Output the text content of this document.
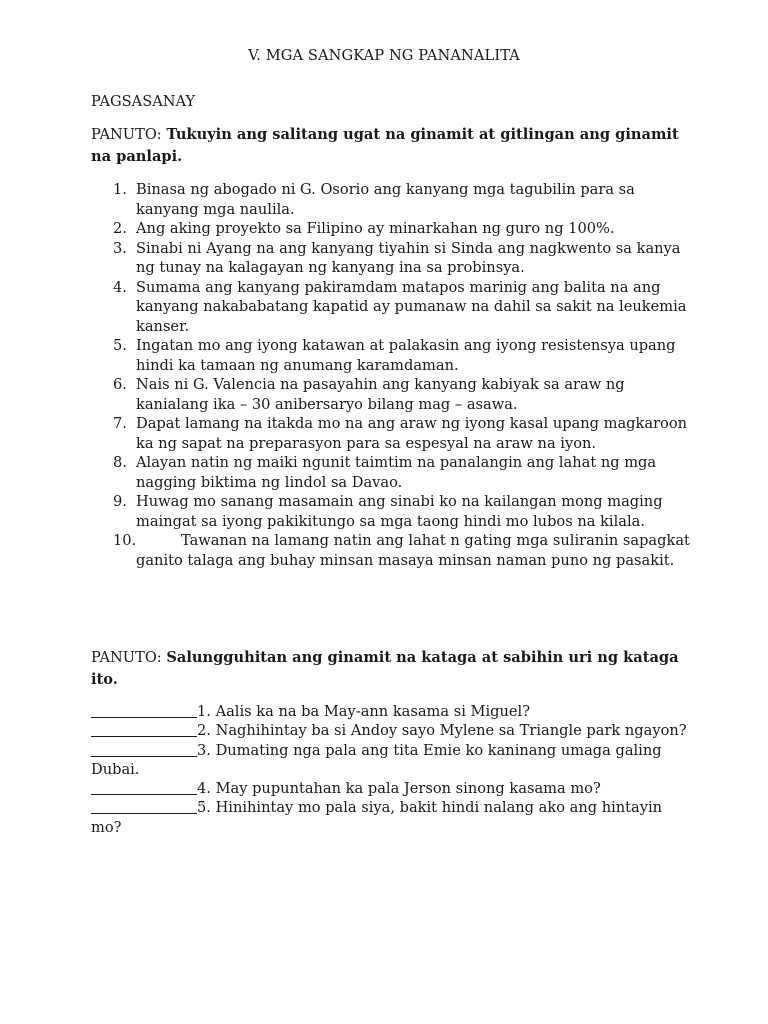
V. MGA SANGKAP NG PANANALITA
PAGSASANAY
PANUTO: Tukuyin ang salitang ugat na ginamit at gitlingan ang ginamit na panlapi.
1. Binasa ng abogado ni G. Osorio ang kanyang mga tagubilin para sa kanyang mga naulila.
2. Ang aking proyekto sa Filipino ay minarkahan ng guro ng 100%.
3. Sinabi ni Ayang na ang kanyang tiyahin si Sinda ang nagkwento sa kanya ng tunay na kalagayan ng kanyang ina sa probinsya.
4. Sumama ang kanyang pakiramdam matapos marinig ang balita na ang kanyang nakababatang kapatid ay pumanaw na dahil sa sakit na leukemia kanser.
5. Ingatan mo ang iyong katawan at palakasin ang iyong resistensya upang hindi ka tamaan ng anumang karamdaman.
6. Nais ni G. Valencia na pasayahin ang kanyang kabiyak sa araw ng kanialang ika – 30 anibersaryo bilang mag – asawa.
7. Dapat lamang na itakda mo na ang araw ng iyong kasal upang magkaroon ka ng sapat na preparasyon para sa espesyal na araw na iyon.
8. Alayan natin ng maiki ngunit taimtim na panalangin ang lahat ng mga nagging biktima ng lindol sa Davao.
9. Huwag mo sanang masamain ang sinabi ko na kailangan mong maging maingat sa iyong pakikitungo sa mga taong hindi mo lubos na kilala.
10.	Tawanan na lamang natin ang lahat n gating mga suliranin sapagkat ganito talaga ang buhay minsan masaya minsan naman puno ng pasakit.
PANUTO: Salungguhitan ang ginamit na kataga at sabihin uri ng kataga ito.
1. Aalis ka na ba May-ann kasama si Miguel?
2. Naghihintay ba si Andoy sayo Mylene sa Triangle park ngayon?
3. Dumating nga pala ang tita Emie ko kaninang umaga galing Dubai.
4. May pupuntahan ka pala Jerson sinong kasama mo?
5. Hinihintay mo pala siya, bakit hindi nalang ako ang hintayin mo?
